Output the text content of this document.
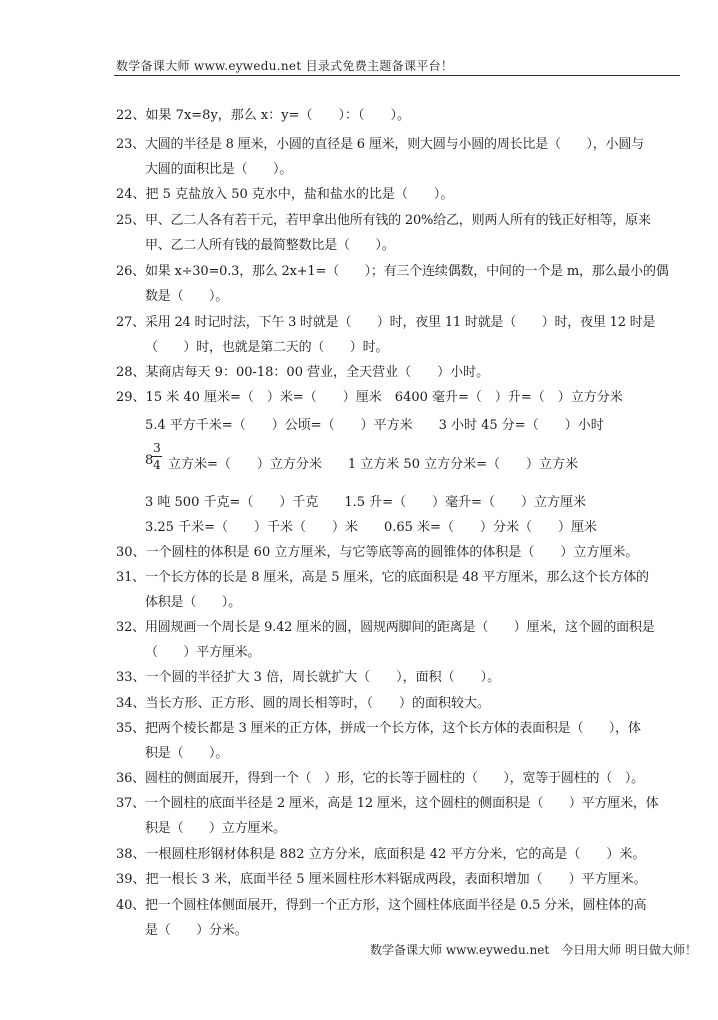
数学备课大师 www.eywedu.net 目录式免费主题备课平台！
22、如果 7x=8y，那么 x：y=（　　）：（　　）。
23、大圆的半径是 8 厘米，小圆的直径是 6 厘米，则大圆与小圆的周长比是（　　），小圆与
大圆的面积比是（　　）。
24、把 5 克盐放入 50 克水中，盐和盐水的比是（　　）。
25、甲、乙二人各有若干元，若甲拿出他所有钱的 20%给乙，则两人所有的钱正好相等，原来
甲、乙二人所有钱的最简整数比是（　　）。
26、如果 x÷30=0.3，那么 2x+1=（　　）；有三个连续偶数，中间的一个是 m，那么最小的偶
数是（　　）。
27、采用 24 时记时法，下午 3 时就是（　　）时，夜里 11 时就是（　　）时，夜里 12 时是
（　　）时，也就是第二天的（　　）时。
28、某商店每天 9：00-18：00 营业，全天营业（　　）小时。
29、15 米 40 厘米=（　）米=（　　）厘米　6400 毫升=（　）升=（　）立方分米
5.4 平方千米=（　　）公顷=（　　）平方米　　3 小时 45 分=（　　）小时
8
3
4 立方米=（　　）立方分米　　1 立方米 50 立方分米=（　　）立方米
3 吨 500 千克=（　　）千克　　1.5 升=（　　）毫升=（　　）立方厘米
3.25 千米=（　　）千米（　　）米　　0.65 米=（　　）分米（　　）厘米
30、一个圆柱的体积是 60 立方厘米，与它等底等高的圆锥体的体积是（　　）立方厘米。
31、一个长方体的长是 8 厘米，高是 5 厘米，它的底面积是 48 平方厘米，那么这个长方体的
体积是（　　）。
32、用圆规画一个周长是 9.42 厘米的圆，圆规两脚间的距离是（　　）厘米，这个圆的面积是
（　　）平方厘米。
33、一个圆的半径扩大 3 倍，周长就扩大（　　），面积（　　）。
34、当长方形、正方形、圆的周长相等时，（　　）的面积较大。
35、把两个棱长都是 3 厘米的正方体，拼成一个长方体，这个长方体的表面积是（　　），体
积是（　　）。
36、圆柱的侧面展开，得到一个（　）形，它的长等于圆柱的（　　），宽等于圆柱的（　）。
37、一个圆柱的底面半径是 2 厘米，高是 12 厘米，这个圆柱的侧面积是（　　）平方厘米，体
积是（　　）立方厘米。
38、一根圆柱形钢材体积是 882 立方分米，底面积是 42 平方分米，它的高是（　　）米。
39、把一根长 3 米，底面半径 5 厘米圆柱形木料锯成两段，表面积增加（　　）平方厘米。
40、把一个圆柱体侧面展开，得到一个正方形，这个圆柱体底面半径是 0.5 分米，圆柱体的高
是（　　）分米。
数学备课大师 www.eywedu.net　今日用大师 明日做大师！
